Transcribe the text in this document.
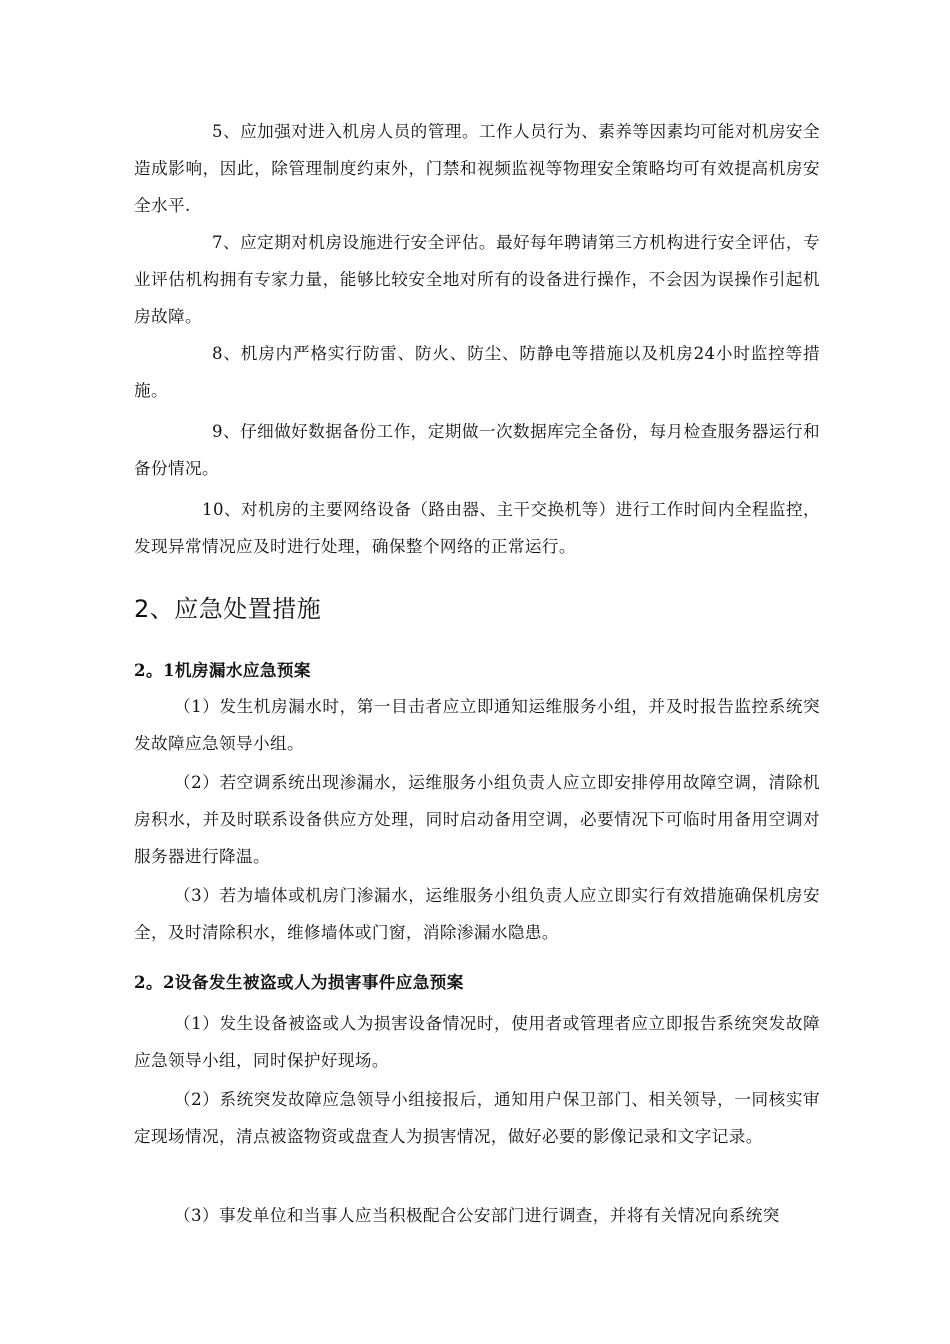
5、应加强对进入机房人员的管理。工作人员行为、素养等因素均可能对机房安全造成影响，因此，除管理制度约束外，门禁和视频监视等物理安全策略均可有效提高机房安全水平.

7、应定期对机房设施进行安全评估。最好每年聘请第三方机构进行安全评估，专业评估机构拥有专家力量，能够比较安全地对所有的设备进行操作，不会因为误操作引起机房故障。

8、机房内严格实行防雷、防火、防尘、防静电等措施以及机房24小时监控等措施。

9、仔细做好数据备份工作，定期做一次数据库完全备份，每月检查服务器运行和备份情况。

10、对机房的主要网络设备（路由器、主干交换机等）进行工作时间内全程监控，发现异常情况应及时进行处理，确保整个网络的正常运行。

2、应急处置措施
2。1机房漏水应急预案

（1）发生机房漏水时，第一目击者应立即通知运维服务小组，并及时报告监控系统突发故障应急领导小组。

（2）若空调系统出现渗漏水，运维服务小组负责人应立即安排停用故障空调，清除机房积水，并及时联系设备供应方处理，同时启动备用空调，必要情况下可临时用备用空调对服务器进行降温。

（3）若为墙体或机房门渗漏水，运维服务小组负责人应立即实行有效措施确保机房安全，及时清除积水，维修墙体或门窗，消除渗漏水隐患。

2。2设备发生被盗或人为损害事件应急预案

（1）发生设备被盗或人为损害设备情况时，使用者或管理者应立即报告系统突发故障应急领导小组，同时保护好现场。

（2）系统突发故障应急领导小组接报后，通知用户保卫部门、相关领导，一同核实审定现场情况，清点被盗物资或盘查人为损害情况，做好必要的影像记录和文字记录。

（3）事发单位和当事人应当积极配合公安部门进行调查，并将有关情况向系统突
